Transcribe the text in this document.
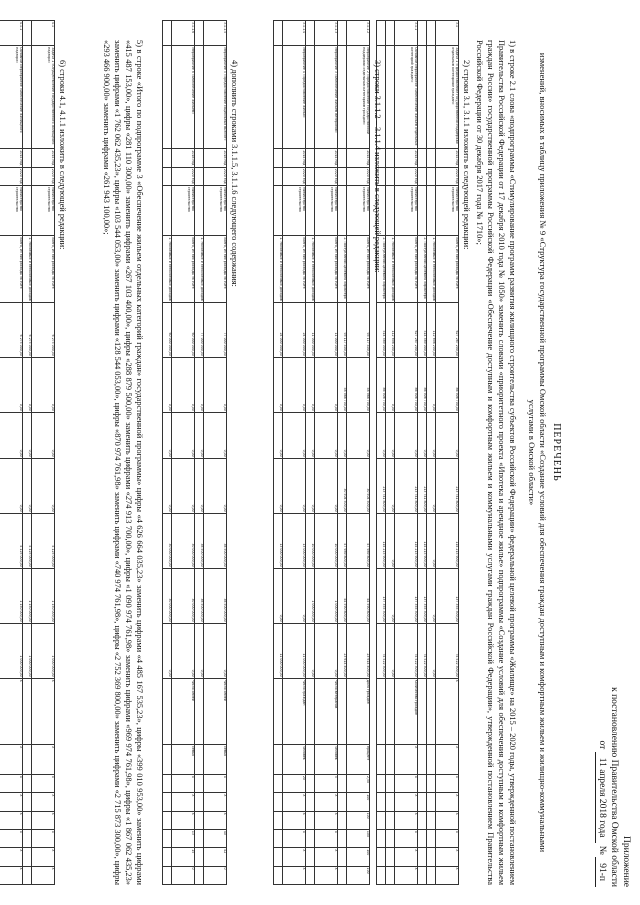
Приложение
к постановлению Правительства Омской области
от 11 апреля 2018 года № 91-п
ПЕРЕЧЕНЬ
изменений, вносимых в таблицу приложения № 9 «Структура государственной программы Омской области «Создание условий для обеспечения граждан доступным и комфортным жильем и жилищно-коммунальными услугами в Омской области»
1) в строке 2.1 слова «подпрограммы «Стимулирование программ развития жилищного строительства субъектов Российской Федерации» федеральной целевой программы «Жилище» на 2015 – 2020 годы, утвержденной постановлением Правительства Российской Федерации от 17 декабря 2010 года № 1050» заменить словами «приоритетного проекта «Ипотека и арендное жилье» подпрограммы «Создание условий для обеспечения доступным и комфортным жильем граждан России» государственной программы Российской Федерации «Обеспечение доступным и комфортным жильем и коммунальными услугами граждан Российской Федерации», утвержденной постановлением Правительства Российской Федерации от 30 декабря 2017 года № 1710»;
2) строки 3.1, 3.1.1 изложить в следующей редакции:
3.1	Задача 1 «Предоставление государственной поддержки отдельным категориям граждан»	2014 год	2020 год	Министерство строительства	Всего, из них расходы за счет:	627 287 200,00	86 906 700,00	0,00	213 741 800,00	114 215 900,00	137 355 300,00	74 522 300,00	X	X	X	X	X	X	X	X
					1. Налоговых и неналоговых доходов	112 698 200,00	0,00	0,00	0,00	0,00	0,00	0,00								
					2. Поступлений целевого характера	514 589 000,00	86 906 700,00	0,00	213 741 800,00	114 215 900,00	137 355 300,00	74 522 300,00								
3.1.1	Основное мероприятие «Обеспечение жильем отдельных категорий граждан»	2014 год	2020 год	Министерство строительства	Всего, из них расходы за счет:	627 287 200,00	86 906 700,00	0,00	213 741 800,00	114 215 900,00	137 355 300,00	74 522 300,00	Количество граждан	X	X	X	X	X	X	X
					1. Налоговых и неналоговых доходов	112 698 200,00	0,00	0,00	0,00	0,00	0,00	0,00								
					2. Поступлений целевого характера	514 589 000,00	86 906 700,00	0,00	213 741 800,00	114 215 900,00	137 355 300,00	74 522 300,00								
3) строки 3.1.1.2 – 3.1.1.4 изложить в следующей редакции:
3.1.1.2	Мероприятие 2 «Предоставление государственной поддержки отдельным категориям граждан»	2014 год	2020 год	Министерство строительства	Всего, из них расходы за счет:	93 117 400,00	58 988 700,00	0,00	30 504 500,00	47 989 800,00	44 590 800,00	23 614 400,00	Доля граждан	процент	2,50	100	100	100	100	100
					2. Поступлений целевого характера	93 117 400,00	58 988 700,00	0,00	30 504 500,00	47 989 800,00	44 590 800,00	23 614 400,00								
3.1.1.3	Мероприятие 3 «Обеспечение жильем ветеранов»	2014 год	2020 год	Министерство строительства	Всего, из них расходы за счет:	11 000 000,00	0,00	0,00	0,00	10 000 000,00	1 000 000,00	0,00	Число ветеранов	человек	5	X	X	X	X	X
					1. Налоговых и неналоговых доходов	11 000 000,00	0,00	0,00	0,00	10 000 000,00	1 000 000,00	0,00								
3.1.1.4	Мероприятие 4 «Предоставление жилья»	2014 год	2020 год	Министерство строительства	Всего, из них расходы за счет:	24 000 000,00	0,00	0,00	0,00	13 000 000,00	0,00	11 000 000,00	Число граждан	человек	20	X	X	X	X	X
					1. Налоговых и неналоговых доходов	24 000 000,00	0,00	0,00	0,00	13 000 000,00	0,00	11 000 000,00								
4) дополнить строками 3.1.1.5, 3.1.1.6 следующего содержания:
3.1.1.5	Мероприятие 5 «Предоставление социальных выплат»	2018 год	2020 год	Министерство строительства	Всего, из них расходы за счет:	77 000 000,00	0,00	0,00	0,00	38 500 000,00	38 500 000,00	0,00	Число семей	семья	X	X	X	40	42	0
					1. Налоговых и неналоговых доходов	77 000 000,00	0,00	0,00	0,00	38 500 000,00	38 500 000,00	0,00								
3.1.1.6	Мероприятие 6 «Обеспечение жильем»	2018 год	2020 год	Министерство строительства	Всего, из них расходы за счет:	60 000 000,00	0,00	0,00	0,00	30 000 000,00	30 000 000,00	0,00	Число семей	семья	X	X	X	13	15	0
					1. Налоговых и неналоговых доходов	60 000 000,00	0,00	0,00	0,00	30 000 000,00	30 000 000,00	0,00								
5) в строке «Итого по подпрограмме 3 «Обеспечение жильем отдельных категорий граждан» государственной программы» цифры «4 626 664 035,23» заменить цифрами «4 485 167 535,23», цифры «399 010 953,00» заменить цифрами «415 487 153,00», цифры «281 110 300,00» заменить цифрами «267 103 400,00», цифры «288 879 500,00» заменить цифрами «274 913 700,00», цифры «1 090 974 761,98» заменить цифрами «969 974 761,98», цифры «1 867 062 435,23» заменить цифрами «1 762 062 435,23», цифры «103 544 053,00» заменить цифрами «128 544 053,00», цифры «870 974 761,98» заменить цифрами «740 974 761,98», цифры «2 752 369 800,00» заменить цифрами «2 715 873 300,00», цифры «293 466 900,00» заменить цифрами «261 943 100,00»;
6) строки 4.1, 4.1.1 изложить в следующей редакции:
4.1	Задача 1 «Осуществление государственного жилищного надзора»	2014 год	2020 год	Министерство строительства	Всего, из них расходы за счет:	6 275 000,00	0,00	0,00	0,00	4 125 000,00	1 150 000,00	1 000 000,00	X	X	X	X	X	X	X	X
					1. Налоговых и неналоговых доходов	6 275 000,00	0,00	0,00	0,00	4 125 000,00	1 150 000,00	1 000 000,00								
4.1.1	Основное мероприятие «Обеспечение жилищного надзора»	2014 год	2020 год	Министерство строительства	Всего, из них расходы за счет:	6 275 000,00	0,00	0,00	0,00	4 125 000,00	1 150 000,00	1 000 000,00	X	X	X	X	X	X	X	X
